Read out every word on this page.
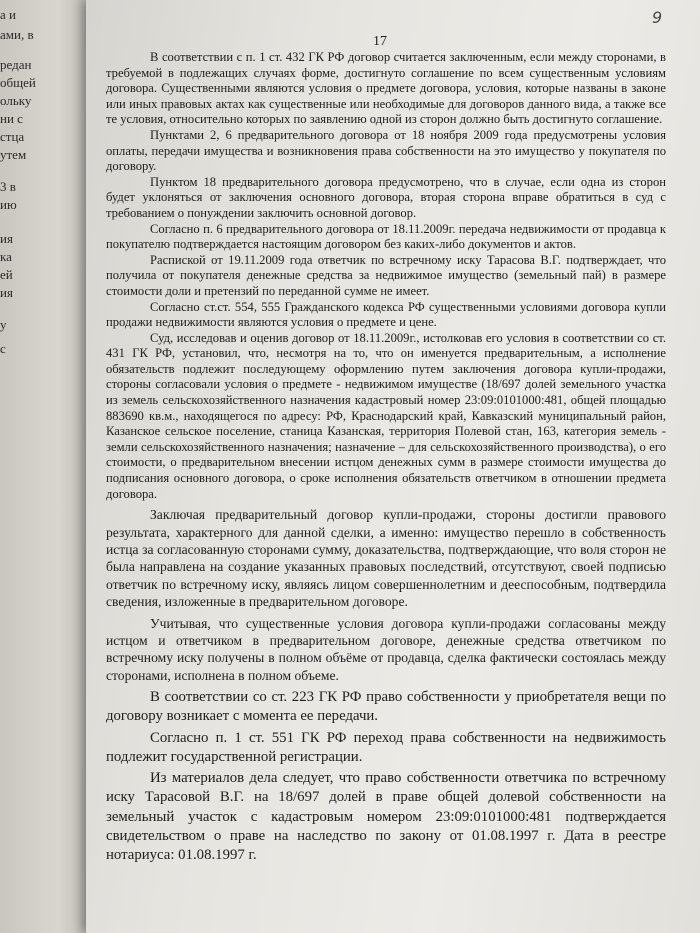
а и
ами, в
редан
общей
ольку
ни с
стца
утем
3 в
ию
ия
ка
ей
ия
у
с
9
17

В соответствии с п. 1 ст. 432 ГК РФ договор считается заключенным, если между сторонами, в требуемой в подлежащих случаях форме, достигнуто соглашение по всем существенным условиям договора. Существенными являются условия о предмете договора, условия, которые названы в законе или иных правовых актах как существенные или необходимые для договоров данного вида, а также все те условия, относительно которых по заявлению одной из сторон должно быть достигнуто соглашение.

Пунктами 2, 6 предварительного договора от 18 ноября 2009 года предусмотрены условия оплаты, передачи имущества и возникновения права собственности на это имущество у покупателя по договору.

Пунктом 18 предварительного договора предусмотрено, что в случае, если одна из сторон будет уклоняться от заключения основного договора, вторая сторона вправе обратиться в суд с требованием о понуждении заключить основной договор.

Согласно п. 6 предварительного договора от 18.11.2009г. передача недвижимости от продавца к покупателю подтверждается настоящим договором без каких-либо документов и актов.

Распиской от 19.11.2009 года ответчик по встречному иску Тарасова В.Г. подтверждает, что получила от покупателя денежные средства за недвижимое имущество (земельный пай) в размере стоимости доли и претензий по переданной сумме не имеет.

Согласно ст.ст. 554, 555 Гражданского кодекса РФ существенными условиями договора купли продажи недвижимости являются условия о предмете и цене.

Суд, исследовав и оценив договор от 18.11.2009г., истолковав его условия в соответствии со ст. 431 ГК РФ, установил, что, несмотря на то, что он именуется предварительным, а исполнение обязательств подлежит последующему оформлению путем заключения договора купли-продажи, стороны согласовали условия о предмете - недвижимом имуществе (18/697 долей земельного участка из земель сельскохозяйственного назначения кадастровый номер 23:09:0101000:481, общей площадью 883690 кв.м., находящегося по адресу: РФ, Краснодарский край, Кавказский муниципальный район, Казанское сельское поселение, станица Казанская, территория Полевой стан, 163, категория земель - земли сельскохозяйственного назначения; назначение – для сельскохозяйственного производства), о его стоимости, о предварительном внесении истцом денежных сумм в размере стоимости имущества до подписания основного договора, о сроке исполнения обязательств ответчиком в отношении предмета договора.

Заключая предварительный договор купли-продажи, стороны достигли правового результата, характерного для данной сделки, а именно: имущество перешло в собственность истца за согласованную сторонами сумму, доказательства, подтверждающие, что воля сторон не была направлена на создание указанных правовых последствий, отсутствуют, своей подписью ответчик по встречному иску, являясь лицом совершеннолетним и дееспособным, подтвердила сведения, изложенные в предварительном договоре.

Учитывая, что существенные условия договора купли-продажи согласованы между истцом и ответчиком в предварительном договоре, денежные средства ответчиком по встречному иску получены в полном объёме от продавца, сделка фактически состоялась между сторонами, исполнена в полном объеме.

В соответствии со ст. 223 ГК РФ право собственности у приобретателя вещи по договору возникает с момента ее передачи.

Согласно п. 1 ст. 551 ГК РФ переход права собственности на недвижимость подлежит государственной регистрации.

Из материалов дела следует, что право собственности ответчика по встречному иску Тарасовой В.Г. на 18/697 долей в праве общей долевой собственности на земельный участок с кадастровым номером 23:09:0101000:481 подтверждается свидетельством о праве на наследство по закону от 01.08.1997 г. Дата в реестре нотариуса: 01.08.1997 г.
